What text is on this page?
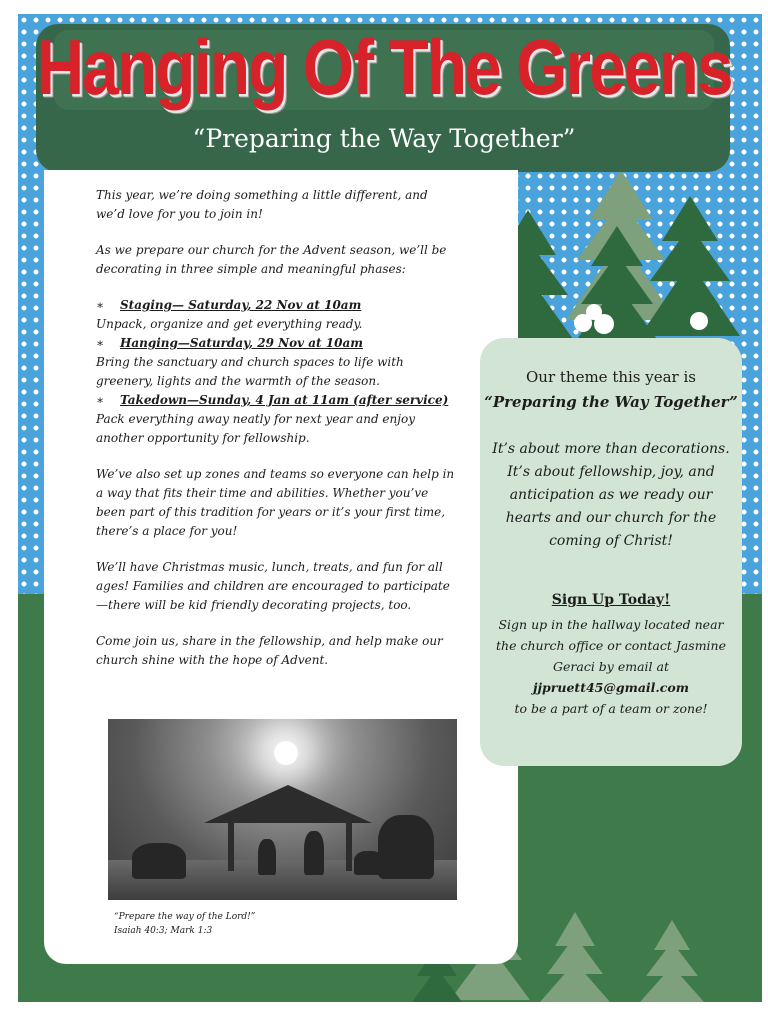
Hanging Of The Greens
“Preparing the Way Together”

This year, we’re doing something a little different, and we’d love for you to join in!

As we prepare our church for the Advent season, we’ll be decorating in three simple and meaningful phases:

∗ Staging— Saturday, 22 Nov at 10am
Unpack, organize and get everything ready.
∗ Hanging—Saturday, 29 Nov at 10am
Bring the sanctuary and church spaces to life with greenery, lights and the warmth of the season.
∗ Takedown—Sunday, 4 Jan at 11am (after service)
Pack everything away neatly for next year and enjoy another opportunity for fellowship.

We’ve also set up zones and teams so everyone can help in a way that fits their time and abilities. Whether you’ve been part of this tradition for years or it’s your first time, there’s a place for you!

We’ll have Christmas music, lunch, treats, and fun for all ages! Families and children are encouraged to participate—there will be kid friendly decorating projects, too.

Come join us, share in the fellowship, and help make our church shine with the hope of Advent.

“Prepare the way of the Lord!”
Isaiah 40:3; Mark 1:3
Our theme this year is
“Preparing the Way Together”
It’s about more than decorations. It’s about fellowship, joy, and anticipation as we ready our hearts and our church for the coming of Christ!
Sign Up Today!
Sign up in the hallway located near the church office or contact Jasmine Geraci by email at
jjpruett45@gmail.com
to be a part of a team or zone!
